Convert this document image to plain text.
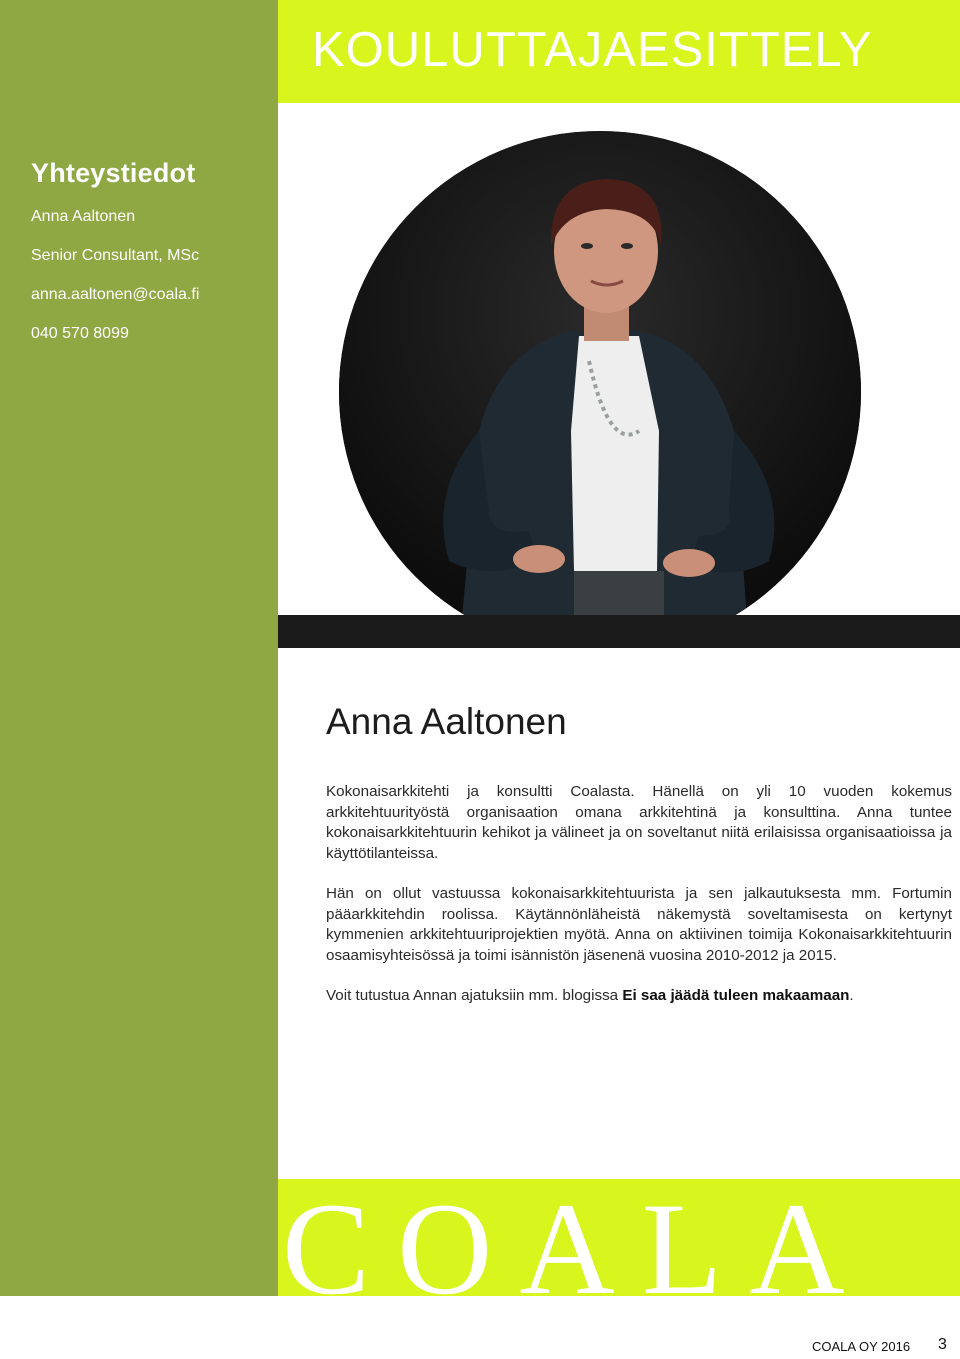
Yhteystiedot
Anna Aaltonen
Senior Consultant, MSc
anna.aaltonen@coala.fi
040 570 8099
KOULUTTAJAESITTELY
Anna Aaltonen

Kokonaisarkkitehti ja konsultti Coalasta. Hänellä on yli 10 vuoden kokemus arkkitehtuurityöstä organisaation omana arkkitehtinä ja konsulttina. Anna tuntee kokonaisarkkitehtuurin kehikot ja välineet ja on soveltanut niitä erilaisissa organisaatioissa ja käyttötilanteissa.

Hän on ollut vastuussa kokonaisarkkitehtuurista ja sen jalkautuksesta mm. Fortumin pääarkkitehdin roolissa. Käytännönläheistä näkemystä soveltamisesta on kertynyt kymmenien arkkitehtuuriprojektien myötä. Anna on aktiivinen toimija Kokonaisarkkitehtuurin osaamisyhteisössä ja toimi isännistön jäsenenä vuosina 2010-2012 ja 2015.

Voit tutustua Annan ajatuksiin mm. blogissa Ei saa jäädä tuleen makaamaan.

COALA
COALA OY 2016 3
